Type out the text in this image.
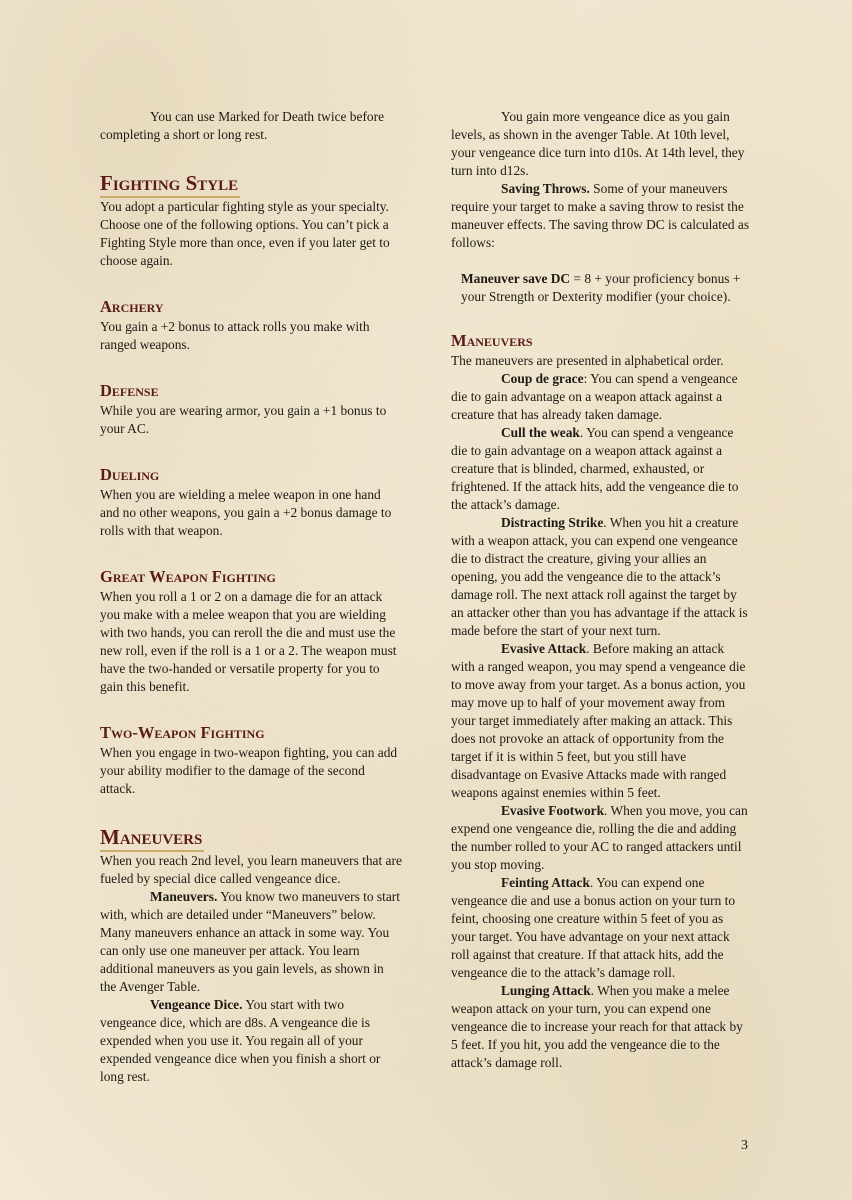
You can use Marked for Death twice before completing a short or long rest.

Fighting Style

You adopt a particular fighting style as your specialty. Choose one of the following options. You can’t pick a Fighting Style more than once, even if you later get to choose again.

Archery

You gain a +2 bonus to attack rolls you make with ranged weapons.

Defense

While you are wearing armor, you gain a +1 bonus to your AC.

Dueling

When you are wielding a melee weapon in one hand and no other weapons, you gain a +2 bonus damage to rolls with that weapon.

Great Weapon Fighting

When you roll a 1 or 2 on a damage die for an attack you make with a melee weapon that you are wielding with two hands, you can reroll the die and must use the new roll, even if the roll is a 1 or a 2. The weapon must have the two-handed or versatile property for you to gain this benefit.

Two-Weapon Fighting

When you engage in two-weapon fighting, you can add your ability modifier to the damage of the second attack.

Maneuvers

When you reach 2nd level, you learn maneuvers that are fueled by special dice called vengeance dice.

Maneuvers. You know two maneuvers to start with, which are detailed under “Maneuvers” below. Many maneuvers enhance an attack in some way. You can only use one maneuver per attack. You learn additional maneuvers as you gain levels, as shown in the Avenger Table.

Vengeance Dice. You start with two vengeance dice, which are d8s. A vengeance die is expended when you use it. You regain all of your expended vengeance dice when you finish a short or long rest.

You gain more vengeance dice as you gain levels, as shown in the avenger Table. At 10th level, your vengeance dice turn into d10s. At 14th level, they turn into d12s.

Saving Throws. Some of your maneuvers require your target to make a saving throw to resist the maneuver effects. The saving throw DC is calculated as follows:

Maneuver save DC = 8 + your proficiency bonus + your Strength or Dexterity modifier (your choice).

Maneuvers

The maneuvers are presented in alphabetical order.

Coup de grace: You can spend a vengeance die to gain advantage on a weapon attack against a creature that has already taken damage.

Cull the weak. You can spend a vengeance die to gain advantage on a weapon attack against a creature that is blinded, charmed, exhausted, or frightened. If the attack hits, add the vengeance die to the attack’s damage.

Distracting Strike. When you hit a creature with a weapon attack, you can expend one vengeance die to distract the creature, giving your allies an opening, you add the vengeance die to the attack’s damage roll. The next attack roll against the target by an attacker other than you has advantage if the attack is made before the start of your next turn.

Evasive Attack. Before making an attack with a ranged weapon, you may spend a vengeance die to move away from your target. As a bonus action, you may move up to half of your movement away from your target immediately after making an attack. This does not provoke an attack of opportunity from the target if it is within 5 feet, but you still have disadvantage on Evasive Attacks made with ranged weapons against enemies within 5 feet.

Evasive Footwork. When you move, you can expend one vengeance die, rolling the die and adding the number rolled to your AC to ranged attackers until you stop moving.

Feinting Attack. You can expend one vengeance die and use a bonus action on your turn to feint, choosing one creature within 5 feet of you as your target. You have advantage on your next attack roll against that creature. If that attack hits, add the vengeance die to the attack’s damage roll.

Lunging Attack. When you make a melee weapon attack on your turn, you can expend one vengeance die to increase your reach for that attack by 5 feet. If you hit, you add the vengeance die to the attack’s damage roll.

3
